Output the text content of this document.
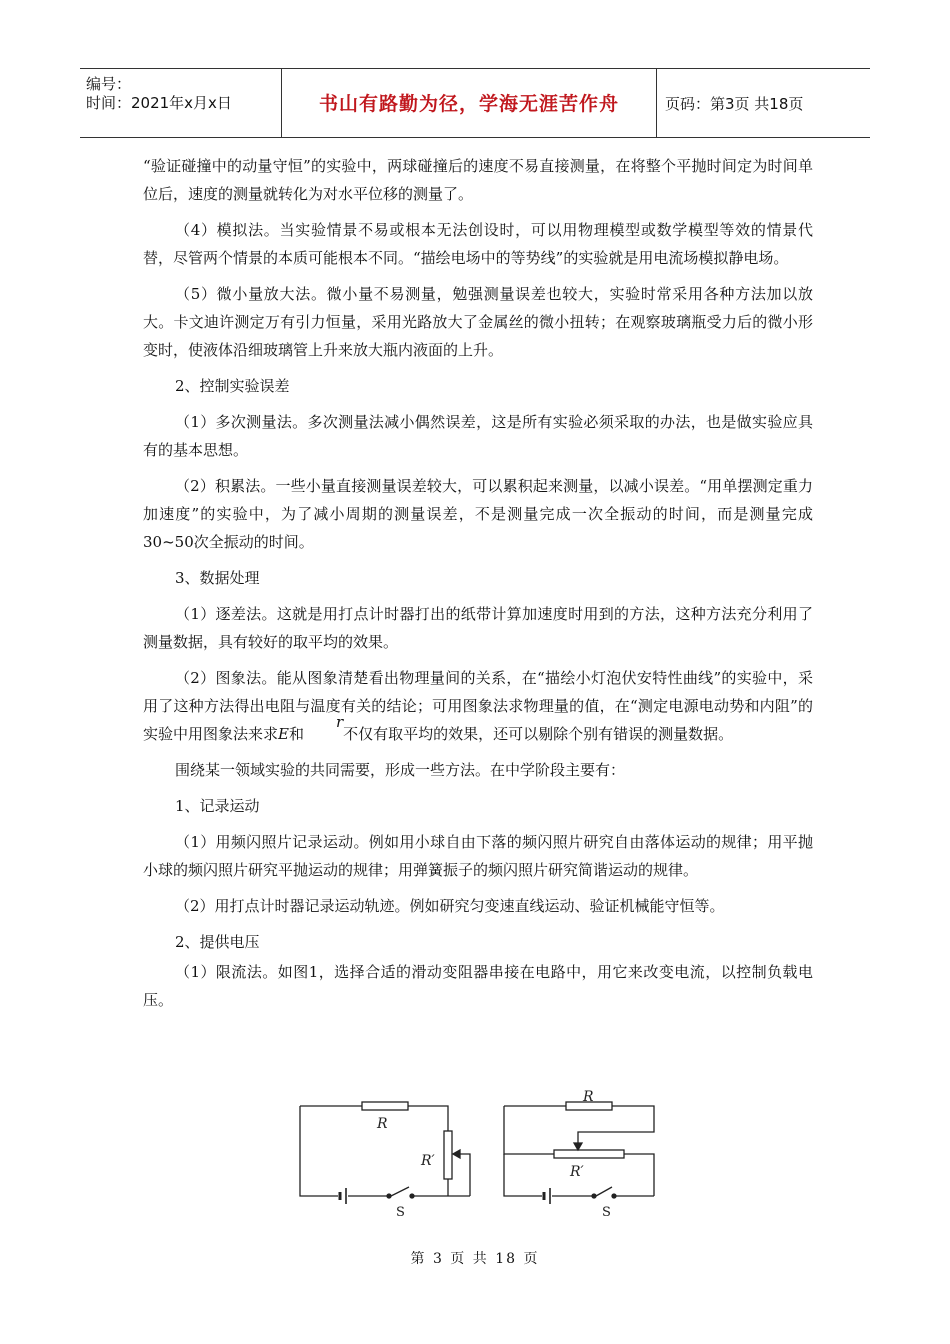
编号：
时间：2021年x月x日	书山有路勤为径，学海无涯苦作舟	页码：第3页 共18页

“验证碰撞中的动量守恒”的实验中，两球碰撞后的速度不易直接测量，在将整个平抛时间定为时间单位后，速度的测量就转化为对水平位移的测量了。

（4）模拟法。当实验情景不易或根本无法创设时，可以用物理模型或数学模型等效的情景代替，尽管两个情景的本质可能根本不同。“描绘电场中的等势线”的实验就是用电流场模拟静电场。

（5）微小量放大法。微小量不易测量，勉强测量误差也较大，实验时常采用各种方法加以放大。卡文迪许测定万有引力恒量，采用光路放大了金属丝的微小扭转；在观察玻璃瓶受力后的微小形变时，使液体沿细玻璃管上升来放大瓶内液面的上升。

2、控制实验误差

（1）多次测量法。多次测量法减小偶然误差，这是所有实验必须采取的办法，也是做实验应具有的基本思想。

（2）积累法。一些小量直接测量误差较大，可以累积起来测量，以减小误差。“用单摆测定重力加速度”的实验中，为了减小周期的测量误差，不是测量完成一次全振动的时间，而是测量完成30~50次全振动的时间。

3、数据处理

（1）逐差法。这就是用打点计时器打出的纸带计算加速度时用到的方法，这种方法充分利用了测量数据，具有较好的取平均的效果。

（2）图象法。能从图象清楚看出物理量间的关系，在“描绘小灯泡伏安特性曲线”的实验中，采用了这种方法得出电阻与温度有关的结论；可用图象法求物理量的值，在“测定电源电动势和内阻”的实验中用图象法来求E和r不仅有取平均的效果，还可以剔除个别有错误的测量数据。

围绕某一领域实验的共同需要，形成一些方法。在中学阶段主要有：

1、记录运动

（1）用频闪照片记录运动。例如用小球自由下落的频闪照片研究自由落体运动的规律；用平抛小球的频闪照片研究平抛运动的规律；用弹簧振子的频闪照片研究简谐运动的规律。

（2）用打点计时器记录运动轨迹。例如研究匀变速直线运动、验证机械能守恒等。

2、提供电压

（1）限流法。如图1，选择合适的滑动变阻器串接在电路中，用它来改变电流，以控制负载电压。

R
R′
S
R
R′
S
第 3 页 共 18 页
